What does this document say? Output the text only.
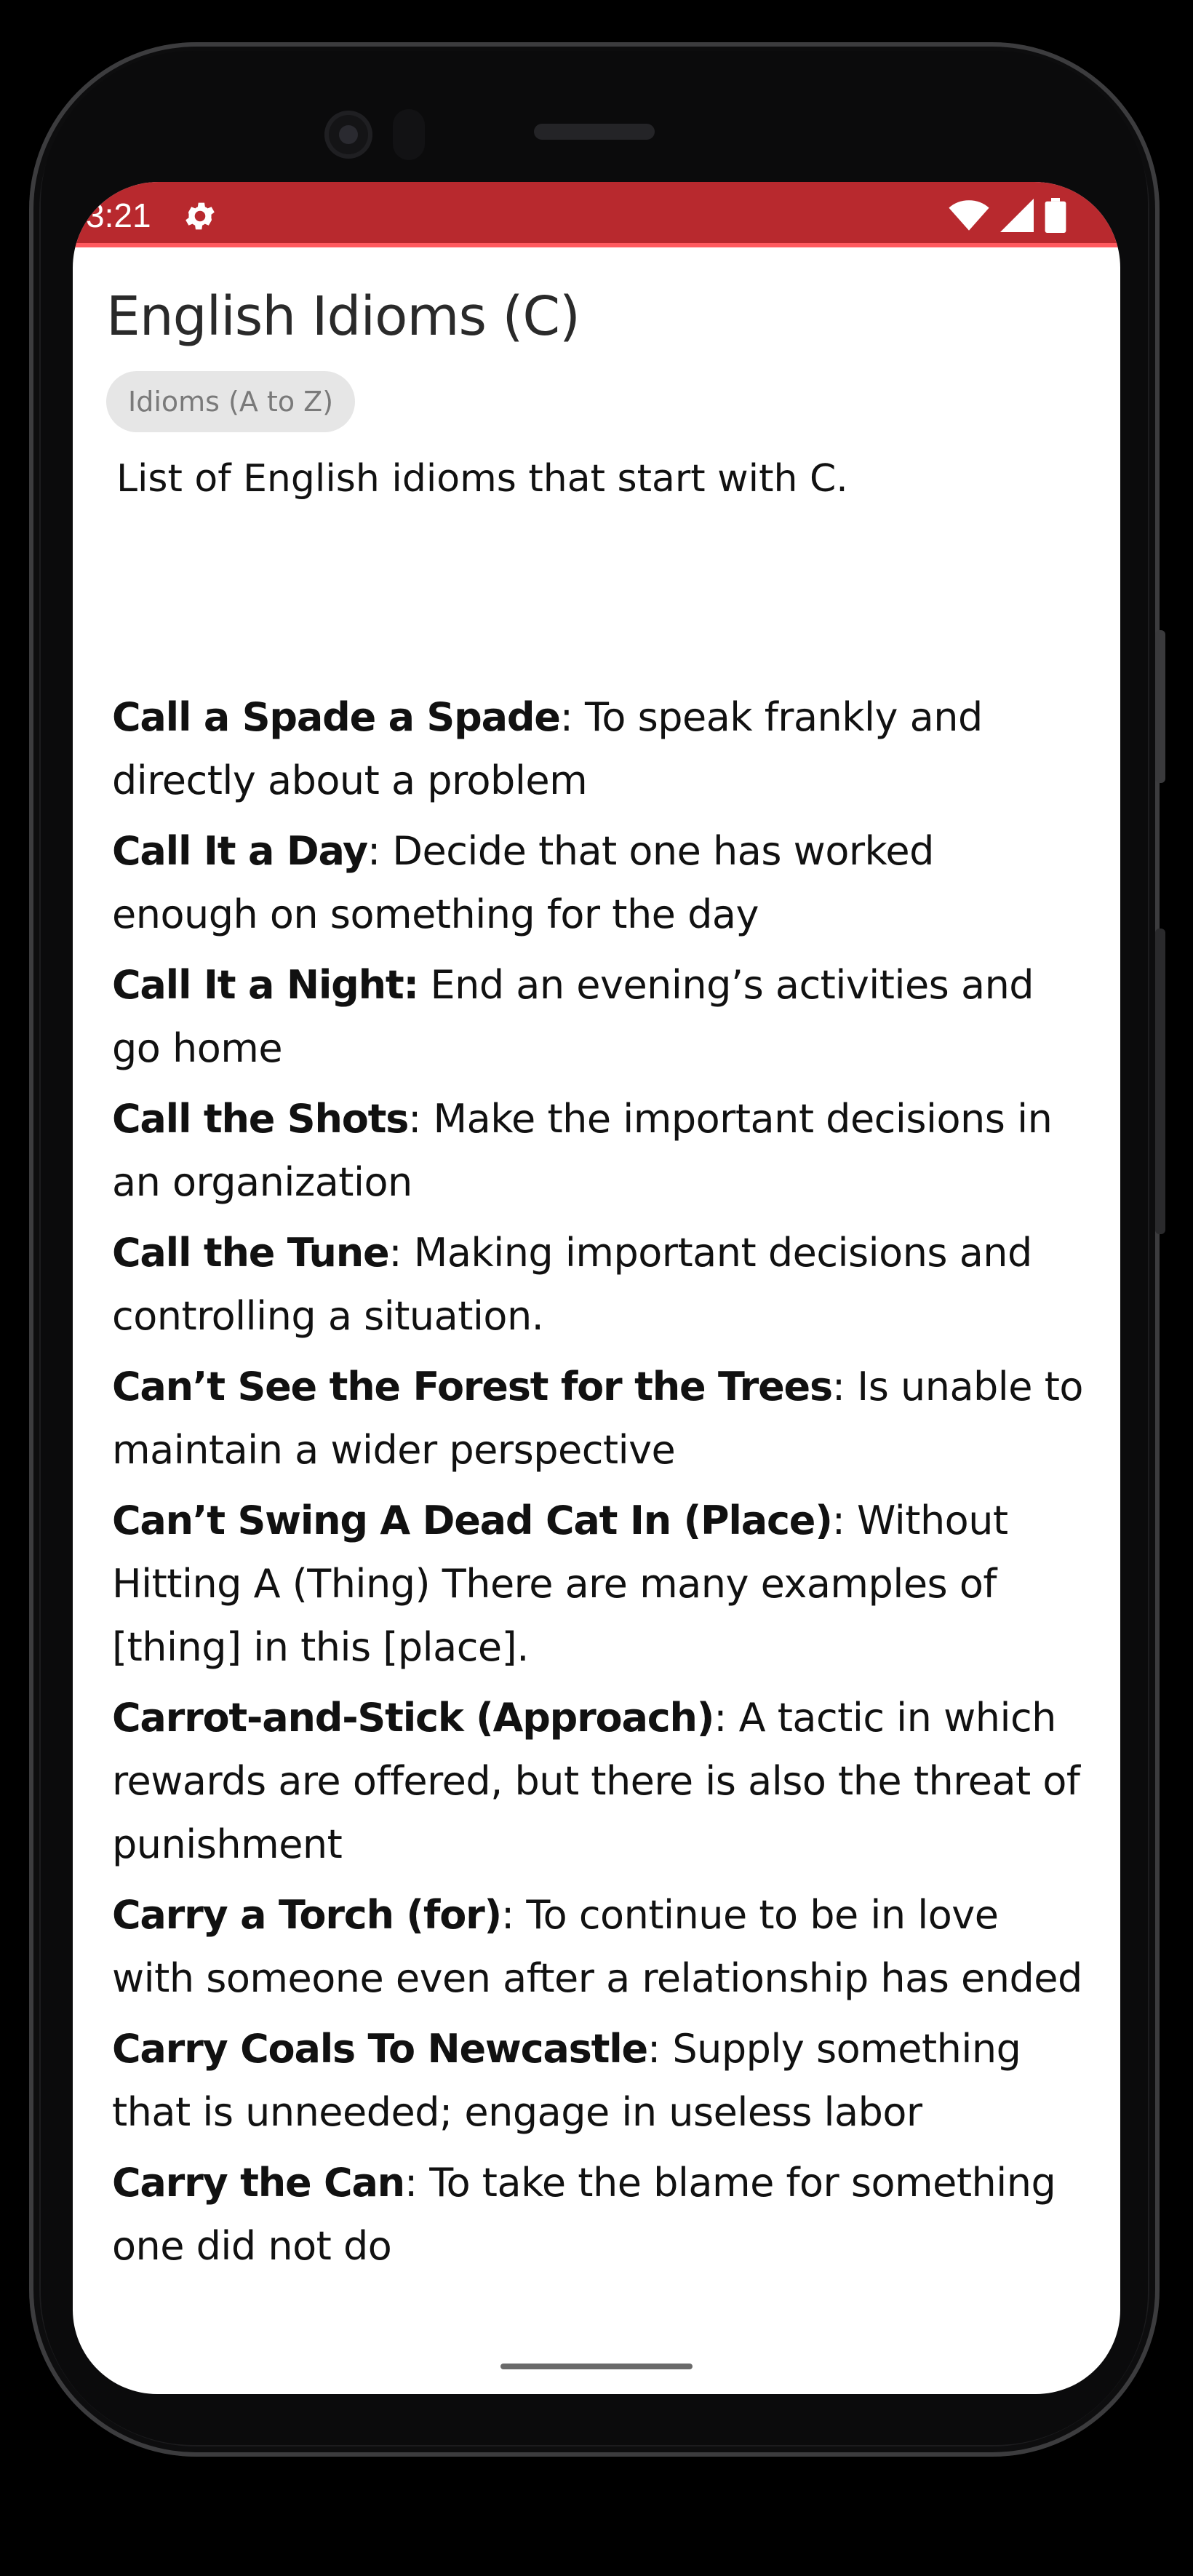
3:21
English Idioms (C)
Idioms (A to Z)
List of English idioms that start with C.
Call a Spade a Spade: To speak frankly and directly about a problem
Call It a Day: Decide that one has worked enough on something for the day
Call It a Night: End an evening’s activities and go home
Call the Shots: Make the important decisions in an organization
Call the Tune: Making important decisions and controlling a situation.
Can’t See the Forest for the Trees: Is unable to maintain a wider perspective
Can’t Swing A Dead Cat In (Place): Without Hitting A (Thing) There are many examples of [thing] in this [place].
Carrot-and-Stick (Approach): A tactic in which rewards are offered, but there is also the threat of punishment
Carry a Torch (for): To continue to be in love with someone even after a relationship has ended
Carry Coals To Newcastle: Supply something that is unneeded; engage in useless labor
Carry the Can: To take the blame for something one did not do
